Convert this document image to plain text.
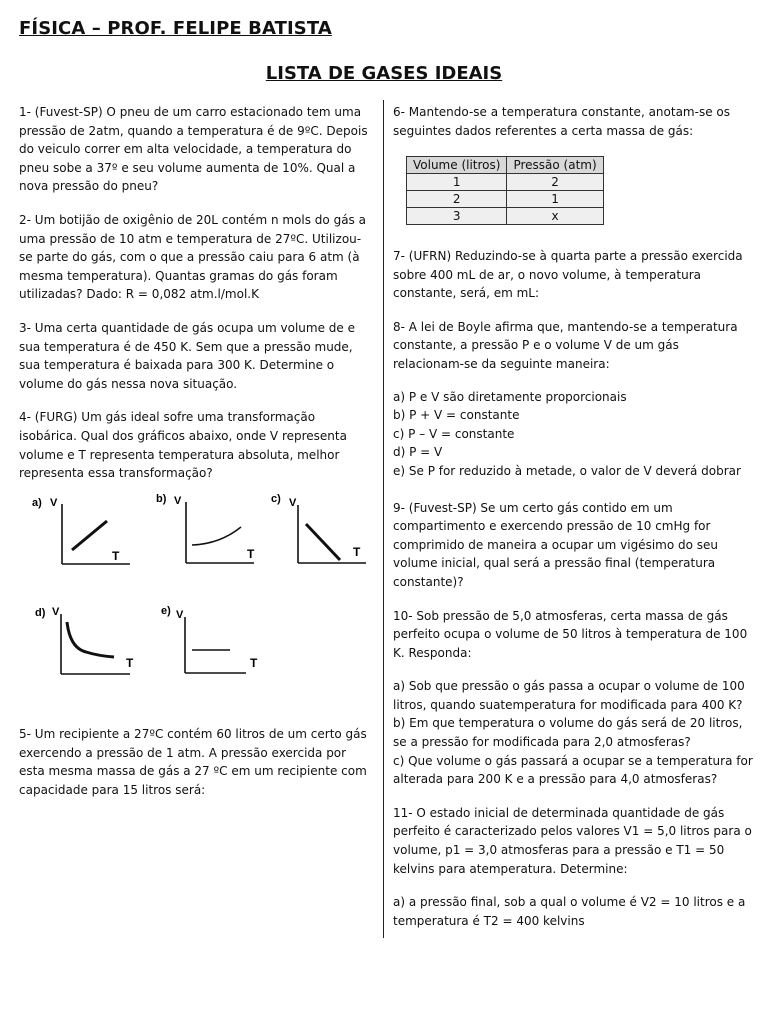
FÍSICA – PROF. FELIPE BATISTA
LISTA DE GASES IDEAIS

1- (Fuvest-SP) O pneu de um carro estacionado tem uma pressão de 2atm, quando a temperatura é de 9ºC. Depois do veiculo correr em alta velocidade, a temperatura do pneu sobe a 37º e seu volume aumenta de 10%. Qual a nova pressão do pneu?

2- Um botijão de oxigênio de 20L contém n mols do gás a uma pressão de 10 atm e temperatura de 27ºC. Utilizou-se parte do gás, com o que a pressão caiu para 6 atm (à mesma temperatura). Quantas gramas do gás foram utilizadas? Dado: R = 0,082 atm.l/mol.K

3- Uma certa quantidade de gás ocupa um volume de e sua temperatura é de 450 K. Sem que a pressão mude, sua temperatura é baixada para 300 K. Determine o volume do gás nessa nova situação.

4- (FURG) Um gás ideal sofre uma transformação isobárica. Qual dos gráficos abaixo, onde V representa volume e T representa temperatura absoluta, melhor representa essa transformação?

a) V
T
b) V
T
c) V
T
d) V
T
e) V
T

5- Um recipiente a 27ºC contém 60 litros de um certo gás exercendo a pressão de 1 atm. A pressão exercida por esta mesma massa de gás a 27 ºC em um recipiente com capacidade para 15 litros será:

6- Mantendo-se a temperatura constante, anotam-se os seguintes dados referentes a certa massa de gás:

Volume (litros)	Pressão (atm)
1	2
2	1
3	x

7- (UFRN) Reduzindo-se à quarta parte a pressão exercida sobre 400 mL de ar, o novo volume, à temperatura constante, será, em mL:

8- A lei de Boyle afirma que, mantendo-se a temperatura constante, a pressão P e o volume V de um gás relacionam-se da seguinte maneira:

a) P e V são diretamente proporcionais
b) P + V = constante
c) P – V = constante
d) P = V
e) Se P for reduzido à metade, o valor de V deverá dobrar

9- (Fuvest-SP) Se um certo gás contido em um compartimento e exercendo pressão de 10 cmHg for comprimido de maneira a ocupar um vigésimo do seu volume inicial, qual será a pressão final (temperatura constante)?

10- Sob pressão de 5,0 atmosferas, certa massa de gás perfeito ocupa o volume de 50 litros à temperatura de 100 K. Responda:

a) Sob que pressão o gás passa a ocupar o volume de 100 litros, quando suatemperatura for modificada para 400 K?
b) Em que temperatura o volume do gás será de 20 litros, se a pressão for modificada para 2,0 atmosferas?
c) Que volume o gás passará a ocupar se a temperatura for alterada para 200 K e a pressão para 4,0 atmosferas?

11- O estado inicial de determinada quantidade de gás perfeito é caracterizado pelos valores V1 = 5,0 litros para o volume, p1 = 3,0 atmosferas para a pressão e T1 = 50 kelvins para atemperatura. Determine:

a) a pressão final, sob a qual o volume é V2 = 10 litros e a temperatura é T2 = 400 kelvins
